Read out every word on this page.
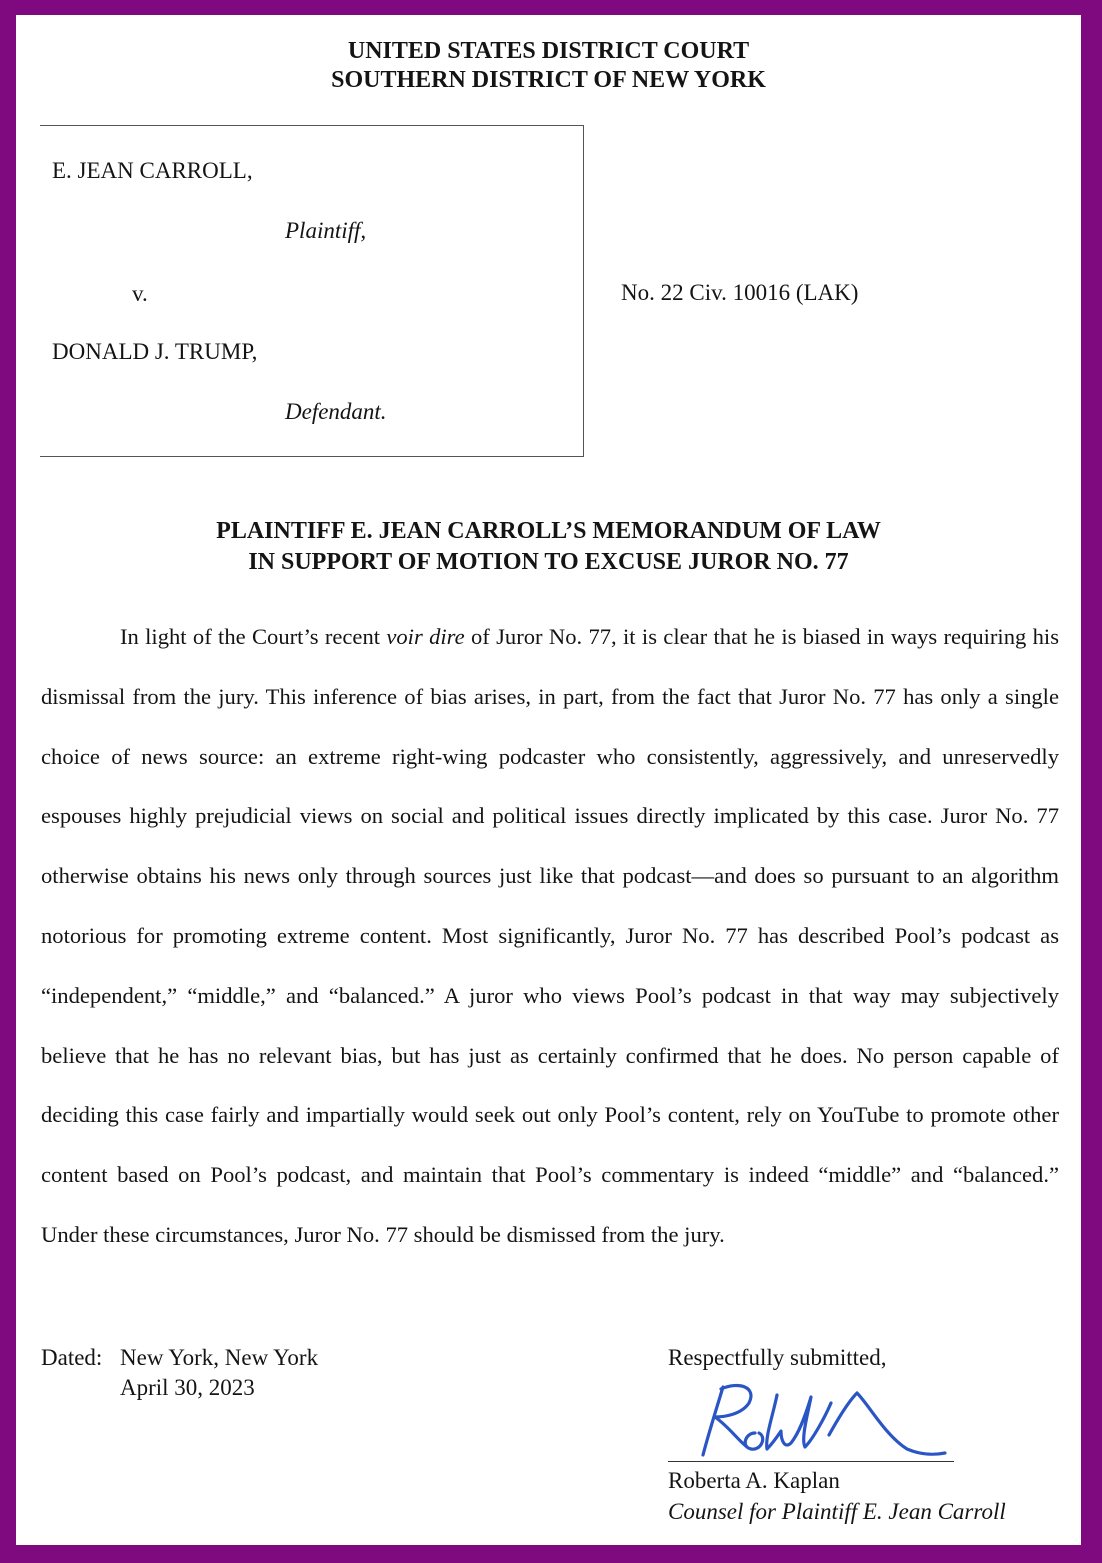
UNITED STATES DISTRICT COURT
SOUTHERN DISTRICT OF NEW YORK
E. JEAN CARROLL,
Plaintiff,
v.
DONALD J. TRUMP,
Defendant.
No. 22 Civ. 10016 (LAK)
PLAINTIFF E. JEAN CARROLL’S MEMORANDUM OF LAW
IN SUPPORT OF MOTION TO EXCUSE JUROR NO. 77

In light of the Court’s recent voir dire of Juror No. 77, it is clear that he is biased in ways requiring his dismissal from the jury. This inference of bias arises, in part, from the fact that Juror No. 77 has only a single choice of news source: an extreme right-wing podcaster who consistently, aggressively, and unreservedly espouses highly prejudicial views on social and political issues directly implicated by this case. Juror No. 77 otherwise obtains his news only through sources just like that podcast—and does so pursuant to an algorithm notorious for promoting extreme content. Most significantly, Juror No. 77 has described Pool’s podcast as “independent,” “middle,” and “balanced.” A juror who views Pool’s podcast in that way may subjectively believe that he has no relevant bias, but has just as certainly confirmed that he does. No person capable of deciding this case fairly and impartially would seek out only Pool’s content, rely on YouTube to promote other content based on Pool’s podcast, and maintain that Pool’s commentary is indeed “middle” and “balanced.” Under these circumstances, Juror No. 77 should be dismissed from the jury.

Dated: New York, New York
April 30, 2023
Respectfully submitted,
Roberta A. Kaplan
Counsel for Plaintiff E. Jean Carroll
